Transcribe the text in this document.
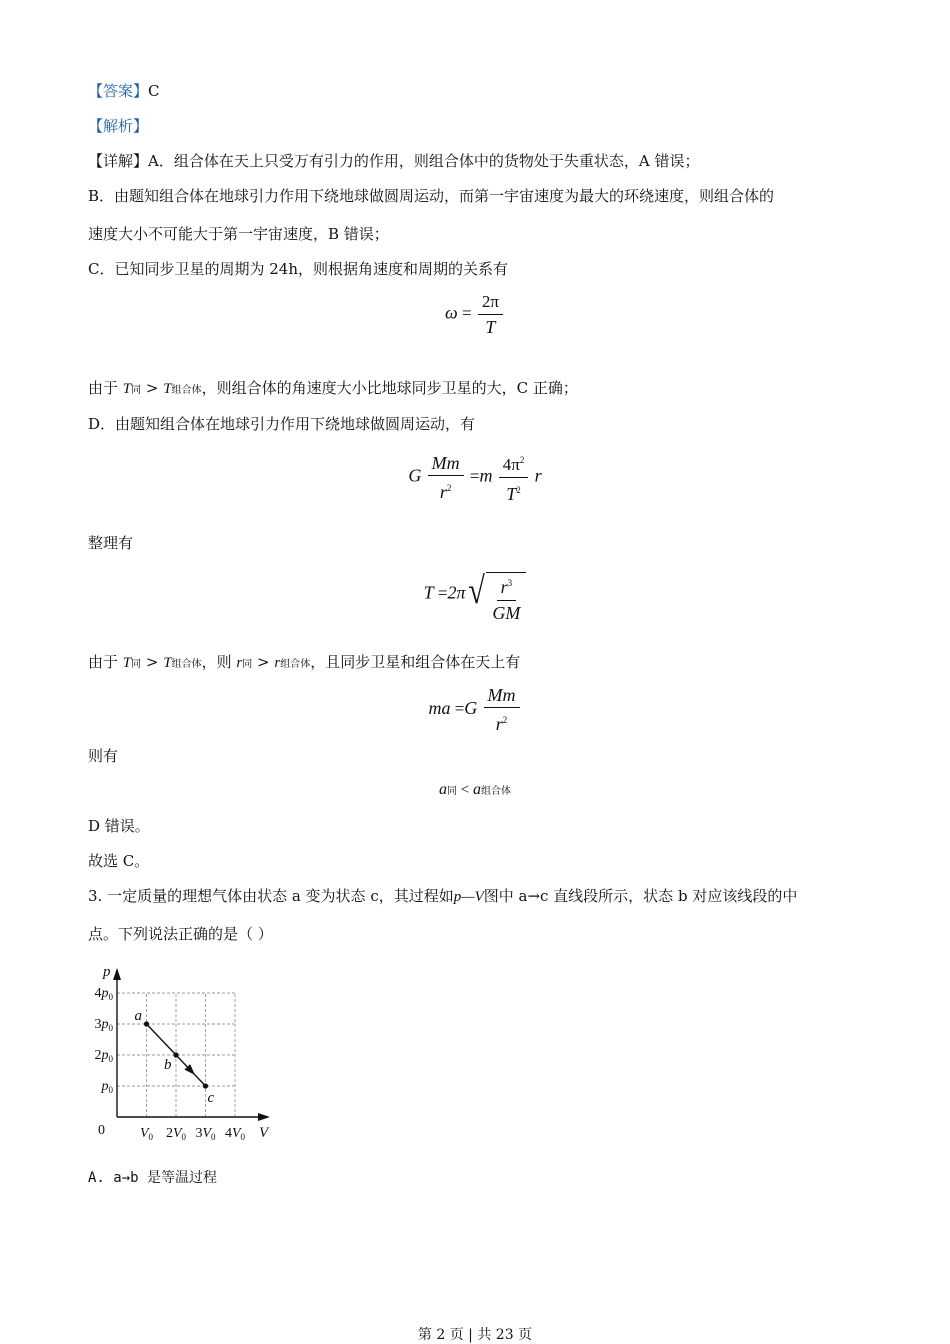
【答案】C
【解析】
【详解】A．组合体在天上只受万有引力的作用，则组合体中的货物处于失重状态，A 错误；
B．由题知组合体在地球引力作用下绕地球做圆周运动，而第一宇宙速度为最大的环绕速度，则组合体的
速度大小不可能大于第一宇宙速度，B 错误；
C．已知同步卫星的周期为 24h，则根据角速度和周期的关系有
$\omega = \frac{2\pi}{T}$
由于 T同 > T组合体，则组合体的角速度大小比地球同步卫星的大，C 正确；
D．由题知组合体在地球引力作用下绕地球做圆周运动，有
G $\frac{Mm}{r^2} =m \frac{4\pi^2}{T^2}$ r
整理有
T =2π √ $\frac{r^3}{GM}$
由于 T同 > T组合体，则 r同 > r组合体，且同步卫星和组合体在天上有
ma $=G \frac{Mm}{r^2}$
则有
a同 < a组合体
D 错误。
故选 C。
3. 一定质量的理想气体由状态 a 变为状态 c，其过程如p—V图中 a→c 直线段所示，状态 b 对应该线段的中
点。下列说法正确的是（ ）
V
p
0 $V_0$ $2V_0$ $3V_0$ $4V_0$
$p_0$
$2p_0$
$3p_0$
$4p_0$
a
b
c
A. a→b 是等温过程
第 2 页 | 共 23 页
